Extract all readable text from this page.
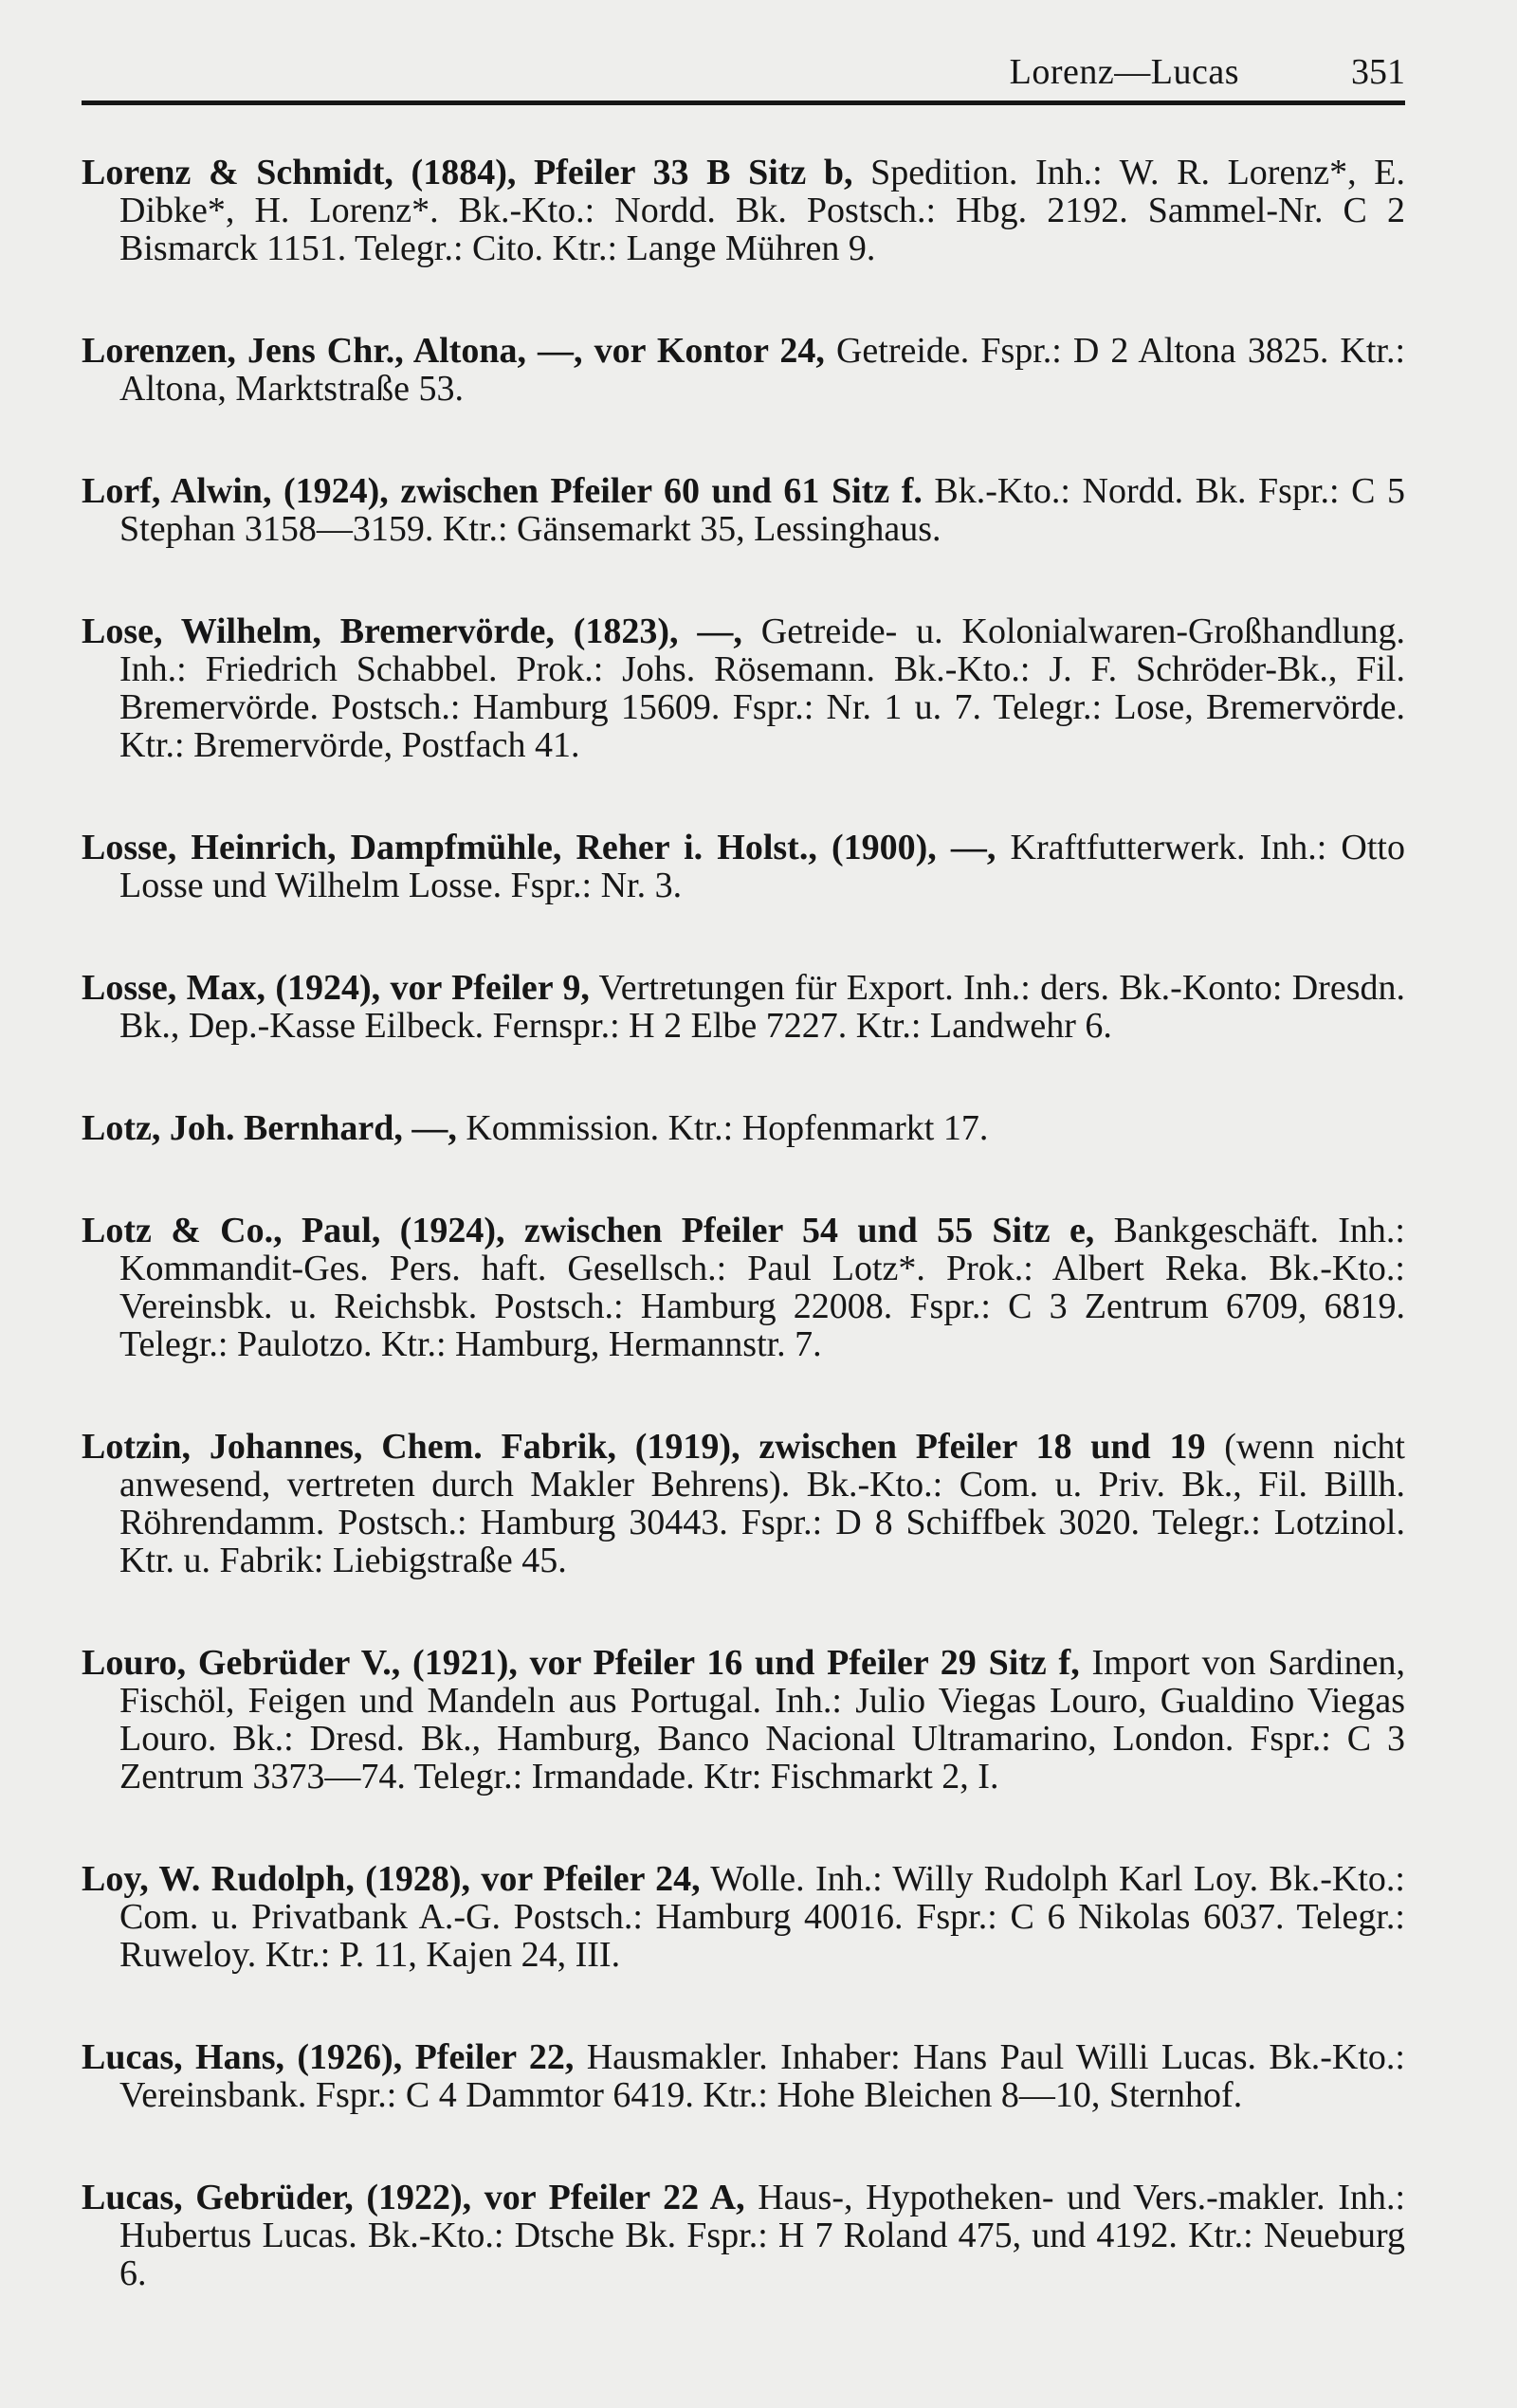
Lorenz—Lucas	351

Lorenz & Schmidt, (1884), Pfeiler 33 B Sitz b, Spedition. Inh.: W. R. Lorenz*, E. Dibke*, H. Lorenz*. Bk.-Kto.: Nordd. Bk. Postsch.: Hbg. 2192. Sammel-Nr. C 2 Bismarck 1151. Telegr.: Cito. Ktr.: Lange Mühren 9.

Lorenzen, Jens Chr., Altona, —, vor Kontor 24, Getreide. Fspr.: D 2 Altona 3825. Ktr.: Altona, Marktstraße 53.

Lorf, Alwin, (1924), zwischen Pfeiler 60 und 61 Sitz f. Bk.-Kto.: Nordd. Bk. Fspr.: C 5 Stephan 3158—3159. Ktr.: Gänsemarkt 35, Lessinghaus.

Lose, Wilhelm, Bremervörde, (1823), —, Getreide- u. Kolonialwaren-Großhandlung. Inh.: Friedrich Schabbel. Prok.: Johs. Rösemann. Bk.-Kto.: J. F. Schröder-Bk., Fil. Bremervörde. Postsch.: Hamburg 15609. Fspr.: Nr. 1 u. 7. Telegr.: Lose, Bremervörde. Ktr.: Bremervörde, Postfach 41.

Losse, Heinrich, Dampfmühle, Reher i. Holst., (1900), —, Kraftfutterwerk. Inh.: Otto Losse und Wilhelm Losse. Fspr.: Nr. 3.

Losse, Max, (1924), vor Pfeiler 9, Vertretungen für Export. Inh.: ders. Bk.-Konto: Dresdn. Bk., Dep.-Kasse Eilbeck. Fernspr.: H 2 Elbe 7227. Ktr.: Landwehr 6.

Lotz, Joh. Bernhard, —, Kommission. Ktr.: Hopfenmarkt 17.

Lotz & Co., Paul, (1924), zwischen Pfeiler 54 und 55 Sitz e, Bankgeschäft. Inh.: Kommandit-Ges. Pers. haft. Gesellsch.: Paul Lotz*. Prok.: Albert Reka. Bk.-Kto.: Vereinsbk. u. Reichsbk. Postsch.: Hamburg 22008. Fspr.: C 3 Zentrum 6709, 6819. Telegr.: Paulotzo. Ktr.: Hamburg, Hermannstr. 7.

Lotzin, Johannes, Chem. Fabrik, (1919), zwischen Pfeiler 18 und 19 (wenn nicht anwesend, vertreten durch Makler Behrens). Bk.-Kto.: Com. u. Priv. Bk., Fil. Billh. Röhrendamm. Postsch.: Hamburg 30443. Fspr.: D 8 Schiffbek 3020. Telegr.: Lotzinol. Ktr. u. Fabrik: Liebigstraße 45.

Louro, Gebrüder V., (1921), vor Pfeiler 16 und Pfeiler 29 Sitz f, Import von Sardinen, Fischöl, Feigen und Mandeln aus Portugal. Inh.: Julio Viegas Louro, Gualdino Viegas Louro. Bk.: Dresd. Bk., Hamburg, Banco Nacional Ultramarino, London. Fspr.: C 3 Zentrum 3373—74. Telegr.: Irmandade. Ktr: Fischmarkt 2, I.

Loy, W. Rudolph, (1928), vor Pfeiler 24, Wolle. Inh.: Willy Rudolph Karl Loy. Bk.-Kto.: Com. u. Privatbank A.-G. Postsch.: Hamburg 40016. Fspr.: C 6 Nikolas 6037. Telegr.: Ruweloy. Ktr.: P. 11, Kajen 24, III.

Lucas, Hans, (1926), Pfeiler 22, Hausmakler. Inhaber: Hans Paul Willi Lucas. Bk.-Kto.: Vereinsbank. Fspr.: C 4 Dammtor 6419. Ktr.: Hohe Bleichen 8—10, Sternhof.

Lucas, Gebrüder, (1922), vor Pfeiler 22 A, Haus-, Hypotheken- und Vers.-makler. Inh.: Hubertus Lucas. Bk.-Kto.: Dtsche Bk. Fspr.: H 7 Roland 475, und 4192. Ktr.: Neueburg 6.
